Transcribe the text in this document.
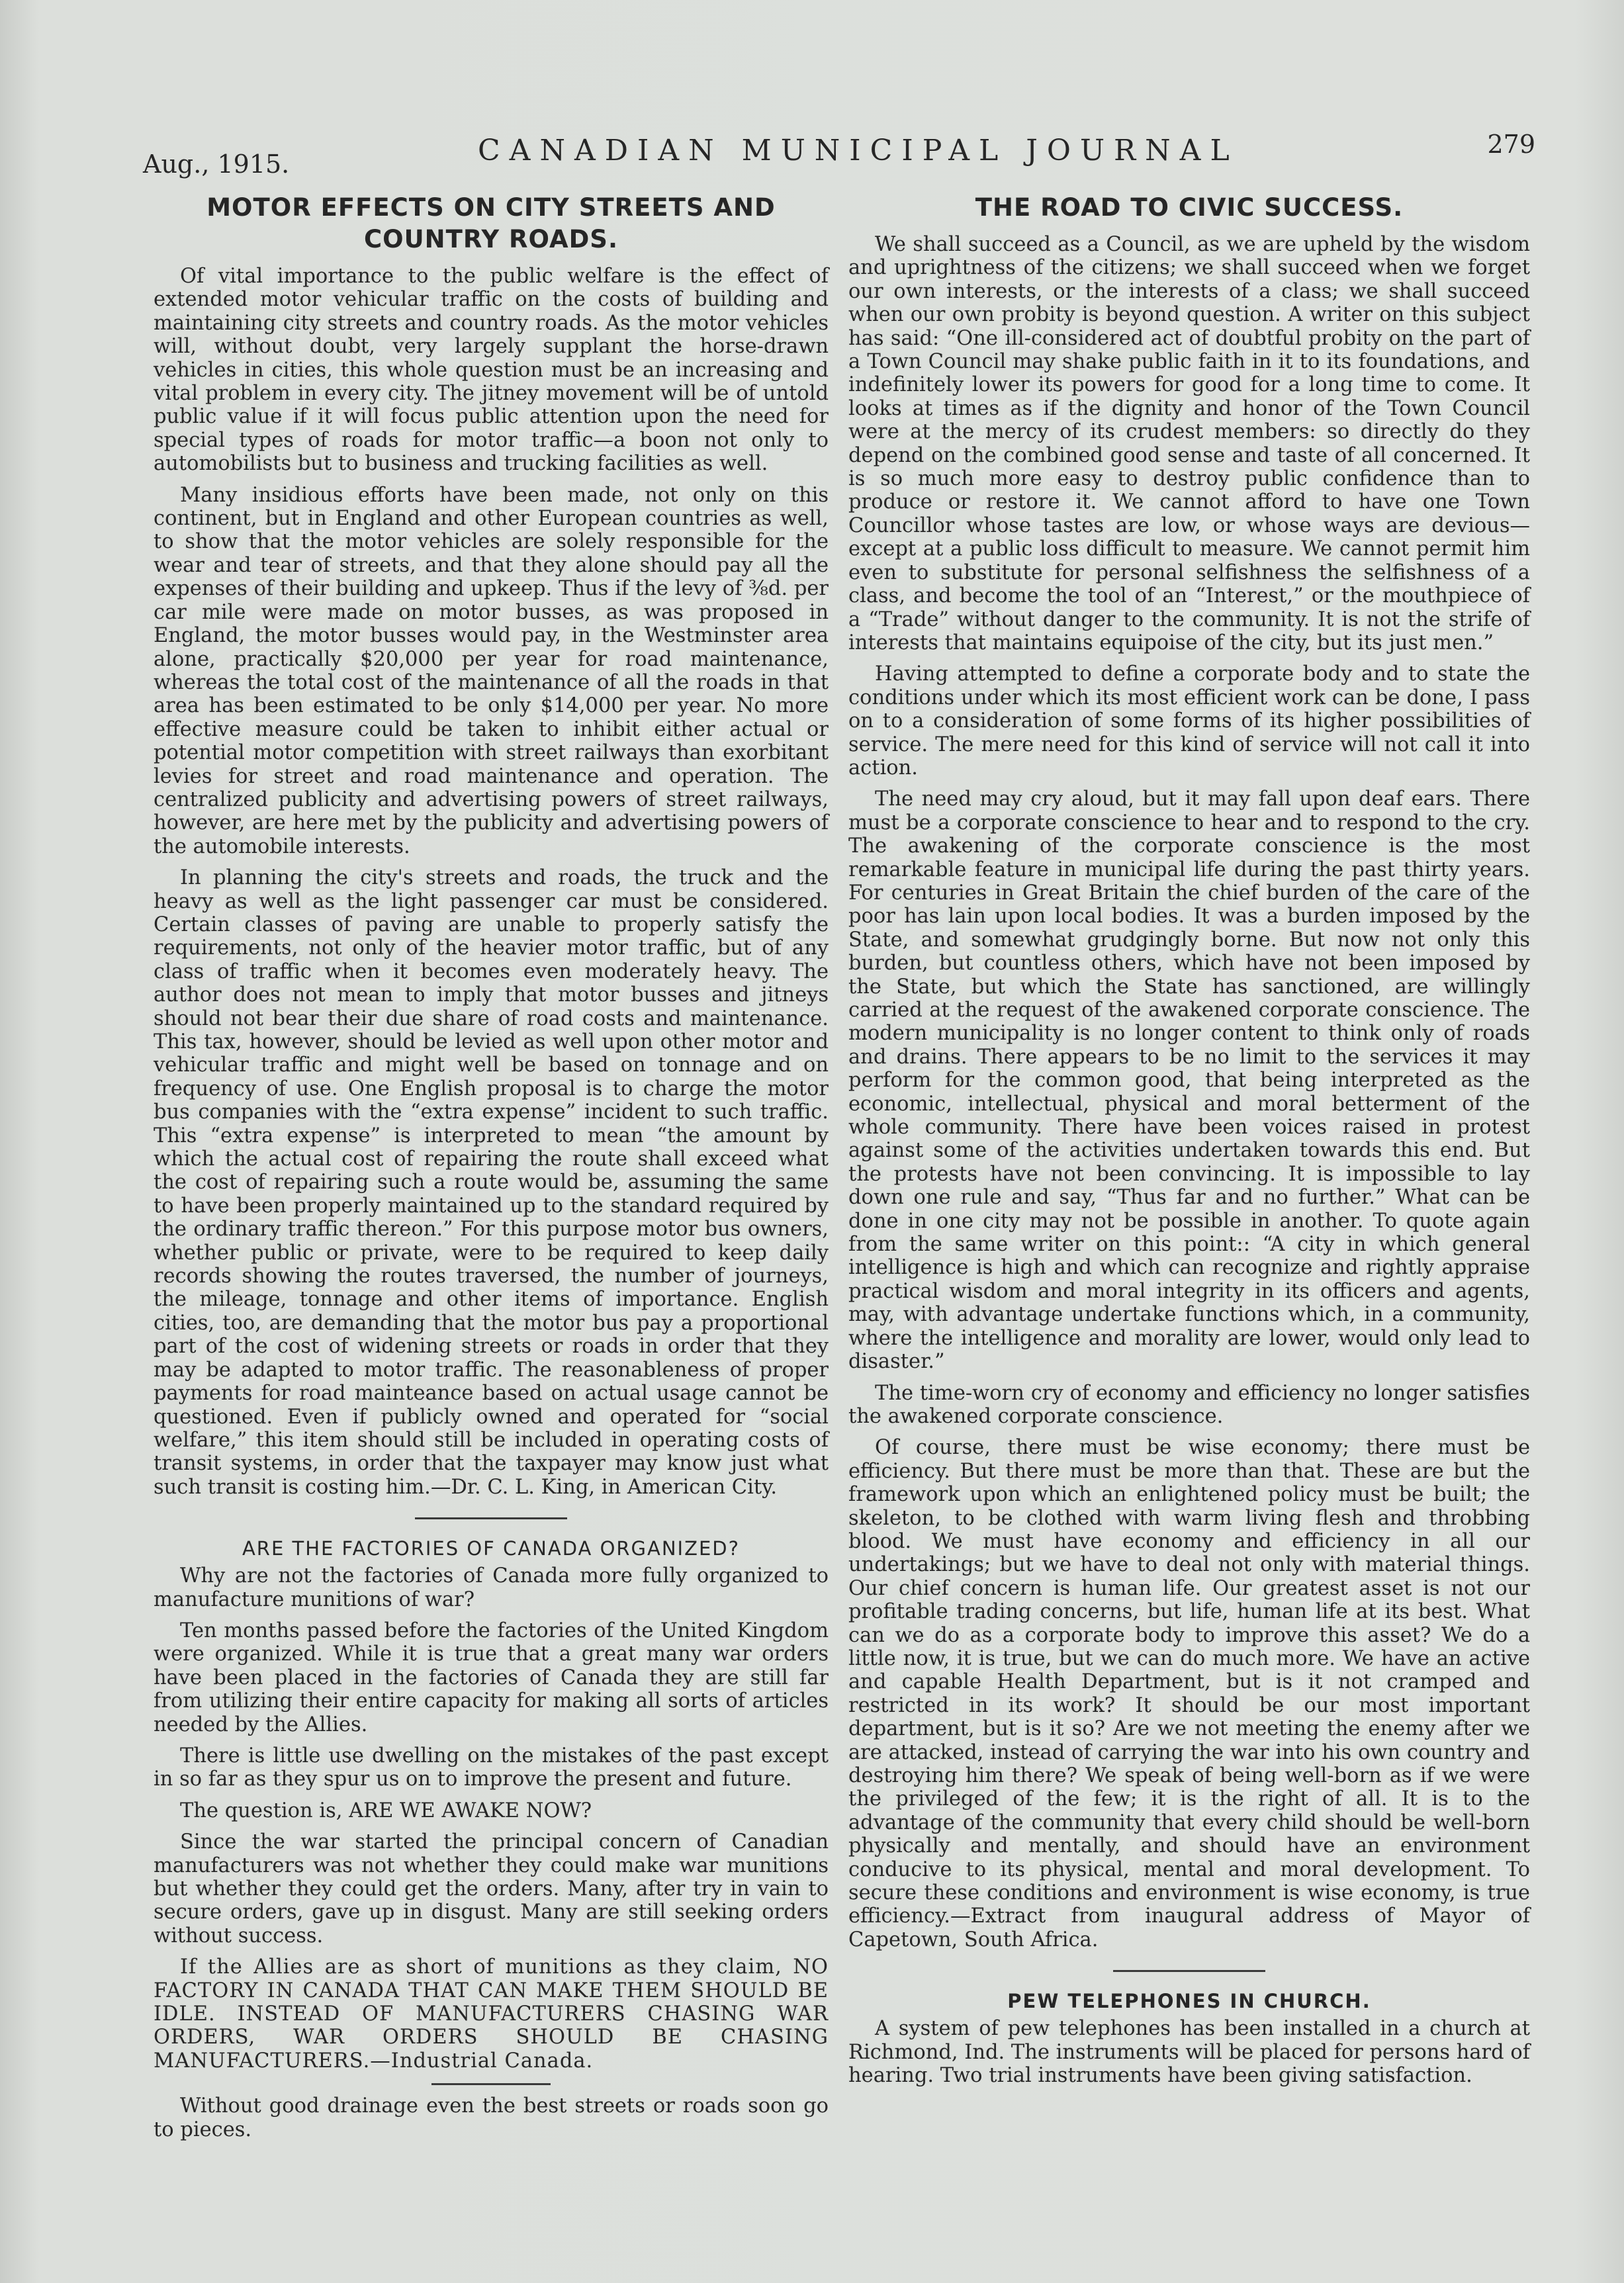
Aug., 1915.	CANADIAN MUNICIPAL JOURNAL	279
MOTOR EFFECTS ON CITY STREETS AND COUNTRY ROADS.

Of vital importance to the public welfare is the effect of extended motor vehicular traffic on the costs of building and maintaining city streets and country roads. As the motor vehicles will, without doubt, very largely supplant the horse-drawn vehicles in cities, this whole question must be an increasing and vital problem in every city. The jitney movement will be of untold public value if it will focus public attention upon the need for special types of roads for motor traffic—a boon not only to automobilists but to business and trucking facilities as well.

Many insidious efforts have been made, not only on this continent, but in England and other European countries as well, to show that the motor vehicles are solely responsible for the wear and tear of streets, and that they alone should pay all the expenses of their building and upkeep. Thus if the levy of ⅜d. per car mile were made on motor busses, as was proposed in England, the motor busses would pay, in the Westminster area alone, practically $20,000 per year for road maintenance, whereas the total cost of the maintenance of all the roads in that area has been estimated to be only $14,000 per year. No more effective measure could be taken to inhibit either actual or potential motor competition with street railways than exorbitant levies for street and road maintenance and operation. The centralized publicity and advertising powers of street railways, however, are here met by the publicity and advertising powers of the automobile interests.

In planning the city's streets and roads, the truck and the heavy as well as the light passenger car must be considered. Certain classes of paving are unable to properly satisfy the requirements, not only of the heavier motor traffic, but of any class of traffic when it becomes even moderately heavy. The author does not mean to imply that motor busses and jitneys should not bear their due share of road costs and maintenance. This tax, however, should be levied as well upon other motor and vehicular traffic and might well be based on tonnage and on frequency of use. One English proposal is to charge the motor bus companies with the “extra expense” incident to such traffic. This “extra expense” is interpreted to mean “the amount by which the actual cost of repairing the route shall exceed what the cost of repairing such a route would be, assuming the same to have been properly maintained up to the standard required by the ordinary traffic thereon.” For this purpose motor bus owners, whether public or private, were to be required to keep daily records showing the routes traversed, the number of journeys, the mileage, tonnage and other items of importance. English cities, too, are demanding that the motor bus pay a proportional part of the cost of widening streets or roads in order that they may be adapted to motor traffic. The reasonableness of proper payments for road mainteance based on actual usage cannot be questioned. Even if publicly owned and operated for “social welfare,” this item should still be included in operating costs of transit systems, in order that the taxpayer may know just what such transit is costing him.—Dr. C. L. King, in American City.

ARE THE FACTORIES OF CANADA ORGANIZED?

Why are not the factories of Canada more fully organized to manufacture munitions of war?

Ten months passed before the factories of the United Kingdom were organized. While it is true that a great many war orders have been placed in the factories of Canada they are still far from utilizing their entire capacity for making all sorts of articles needed by the Allies.

There is little use dwelling on the mistakes of the past except in so far as they spur us on to improve the present and future.

The question is, ARE WE AWAKE NOW?

Since the war started the principal concern of Canadian manufacturers was not whether they could make war munitions but whether they could get the orders. Many, after try in vain to secure orders, gave up in disgust. Many are still seeking orders without success.

If the Allies are as short of munitions as they claim, NO FACTORY IN CANADA THAT CAN MAKE THEM SHOULD BE IDLE. INSTEAD OF MANUFACTURERS CHASING WAR ORDERS, WAR ORDERS SHOULD BE CHASING MANUFACTURERS.—Industrial Canada.

Without good drainage even the best streets or roads soon go to pieces.

THE ROAD TO CIVIC SUCCESS.

We shall succeed as a Council, as we are upheld by the wisdom and uprightness of the citizens; we shall succeed when we forget our own interests, or the interests of a class; we shall succeed when our own probity is beyond question. A writer on this subject has said: “One ill-considered act of doubtful probity on the part of a Town Council may shake public faith in it to its foundations, and indefinitely lower its powers for good for a long time to come. It looks at times as if the dignity and honor of the Town Council were at the mercy of its crudest members: so directly do they depend on the combined good sense and taste of all concerned. It is so much more easy to destroy public confidence than to produce or restore it. We cannot afford to have one Town Councillor whose tastes are low, or whose ways are devious—except at a public loss difficult to measure. We cannot permit him even to substitute for personal selfishness the selfishness of a class, and become the tool of an “Interest,” or the mouthpiece of a “Trade” without danger to the community. It is not the strife of interests that maintains equipoise of the city, but its just men.”

Having attempted to define a corporate body and to state the conditions under which its most efficient work can be done, I pass on to a consideration of some forms of its higher possibilities of service. The mere need for this kind of service will not call it into action.

The need may cry aloud, but it may fall upon deaf ears. There must be a corporate conscience to hear and to respond to the cry. The awakening of the corporate conscience is the most remarkable feature in municipal life during the past thirty years. For centuries in Great Britain the chief burden of the care of the poor has lain upon local bodies. It was a burden imposed by the State, and somewhat grudgingly borne. But now not only this burden, but countless others, which have not been imposed by the State, but which the State has sanctioned, are willingly carried at the request of the awakened corporate conscience. The modern municipality is no longer content to think only of roads and drains. There appears to be no limit to the services it may perform for the common good, that being interpreted as the economic, intellectual, physical and moral betterment of the whole community. There have been voices raised in protest against some of the activities undertaken towards this end. But the protests have not been convincing. It is impossible to lay down one rule and say, “Thus far and no further.” What can be done in one city may not be possible in another. To quote again from the same writer on this point:: “A city in which general intelligence is high and which can recognize and rightly appraise practical wisdom and moral integrity in its officers and agents, may, with advantage undertake functions which, in a community, where the intelligence and morality are lower, would only lead to disaster.”

The time-worn cry of economy and efficiency no longer satisfies the awakened corporate conscience.

Of course, there must be wise economy; there must be efficiency. But there must be more than that. These are but the framework upon which an enlightened policy must be built; the skeleton, to be clothed with warm living flesh and throbbing blood. We must have economy and efficiency in all our undertakings; but we have to deal not only with material things. Our chief concern is human life. Our greatest asset is not our profitable trading concerns, but life, human life at its best. What can we do as a corporate body to improve this asset? We do a little now, it is true, but we can do much more. We have an active and capable Health Department, but is it not cramped and restricted in its work? It should be our most important department, but is it so? Are we not meeting the enemy after we are attacked, instead of carrying the war into his own country and destroying him there? We speak of being well-born as if we were the privileged of the few; it is the right of all. It is to the advantage of the community that every child should be well-born physically and mentally, and should have an environment conducive to its physical, mental and moral development. To secure these conditions and environment is wise economy, is true efficiency.—Extract from inaugural address of Mayor of Capetown, South Africa.

PEW TELEPHONES IN CHURCH.

A system of pew telephones has been installed in a church at Richmond, Ind. The instruments will be placed for persons hard of hearing. Two trial instruments have been giving satisfaction.
